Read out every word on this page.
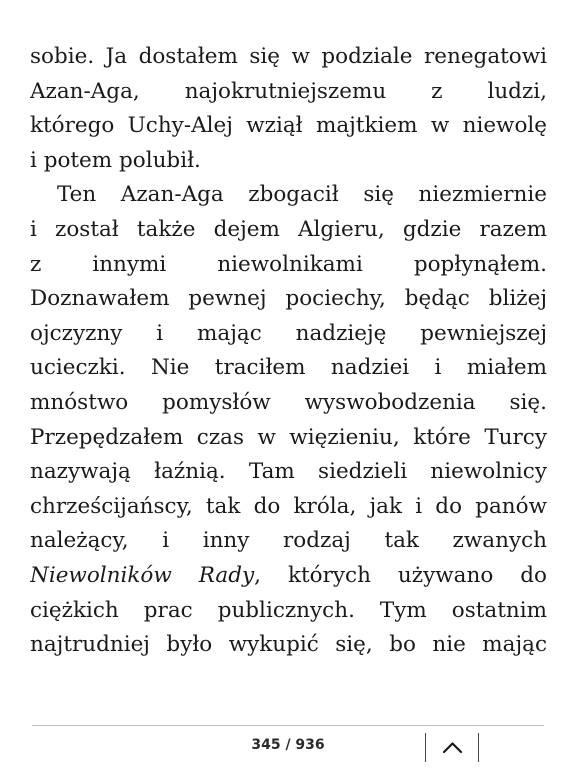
sobie. Ja dostałem się w podziale renegatowi
Azan-Aga, najokrutniejszemu z ludzi,
którego Uchy-Alej wziął majtkiem w niewolę
i potem polubił.
Ten Azan-Aga zbogacił się niezmiernie
i został także dejem Algieru, gdzie razem
z innymi niewolnikami popłynąłem.
Doznawałem pewnej pociechy, będąc bliżej
ojczyzny i mając nadzieję pewniejszej
ucieczki. Nie traciłem nadziei i miałem
mnóstwo pomysłów wyswobodzenia się.
Przepędzałem czas w więzieniu, które Turcy
nazywają łaźnią. Tam siedzieli niewolnicy
chrześcijańscy, tak do króla, jak i do panów
należący, i inny rodzaj tak zwanych
Niewolników Rady, których używano do
ciężkich prac publicznych. Tym ostatnim
najtrudniej było wykupić się, bo nie mając
345 / 936
